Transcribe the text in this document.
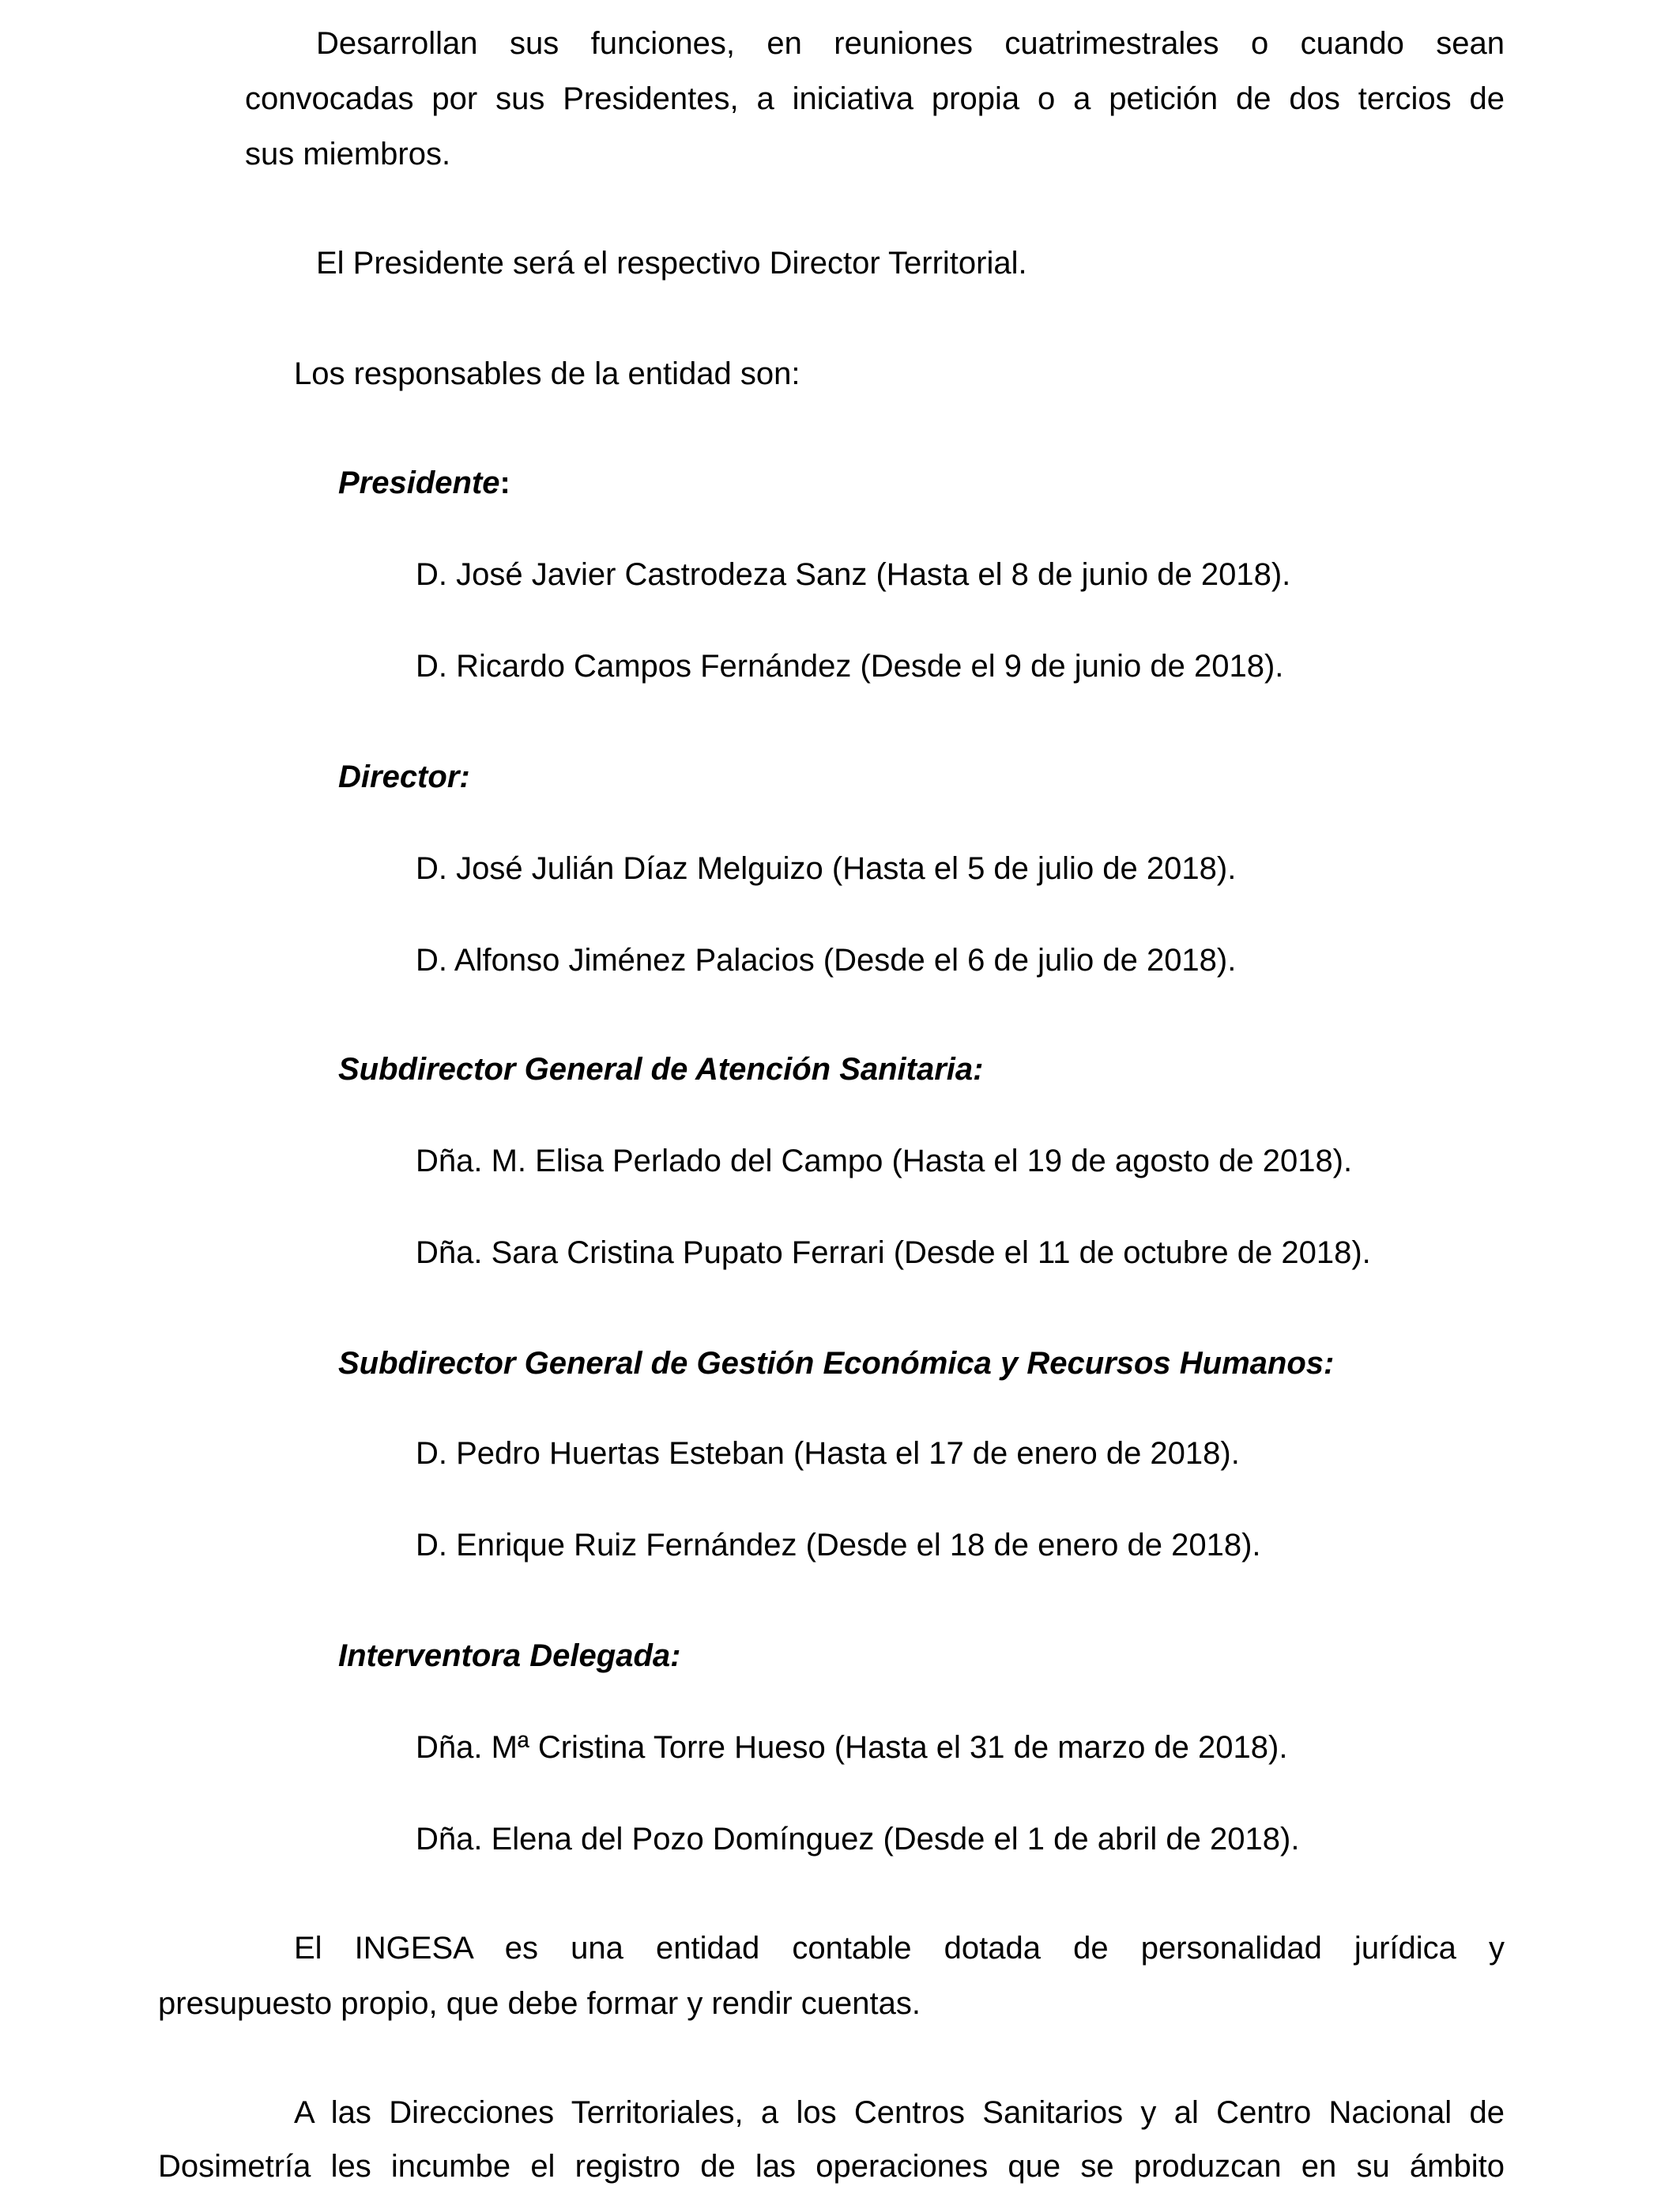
Desarrollan sus funciones, en reuniones cuatrimestrales o cuando sean

convocadas por sus Presidentes, a iniciativa propia o a petición de dos tercios de

sus miembros.

El Presidente será el respectivo Director Territorial.

Los responsables de la entidad son:

Presidente:

D. José Javier Castrodeza Sanz (Hasta el 8 de junio de 2018).

D. Ricardo Campos Fernández (Desde el 9 de junio de 2018).

Director:

D. José Julián Díaz Melguizo (Hasta el 5 de julio de 2018).

D. Alfonso Jiménez Palacios (Desde el 6 de julio de 2018).

Subdirector General de Atención Sanitaria:

Dña. M. Elisa Perlado del Campo (Hasta el 19 de agosto de 2018).

Dña. Sara Cristina Pupato Ferrari (Desde el 11 de octubre de 2018).

Subdirector General de Gestión Económica y Recursos Humanos:

D. Pedro Huertas Esteban (Hasta el 17 de enero de 2018).

D. Enrique Ruiz Fernández (Desde el 18 de enero de 2018).

Interventora Delegada:

Dña. Mª Cristina Torre Hueso (Hasta el 31 de marzo de 2018).

Dña. Elena del Pozo Domínguez (Desde el 1 de abril de 2018).

El INGESA es una entidad contable dotada de personalidad jurídica y

presupuesto propio, que debe formar y rendir cuentas.

A las Direcciones Territoriales, a los Centros Sanitarios y al Centro Nacional de

Dosimetría les incumbe el registro de las operaciones que se produzcan en su ámbito
